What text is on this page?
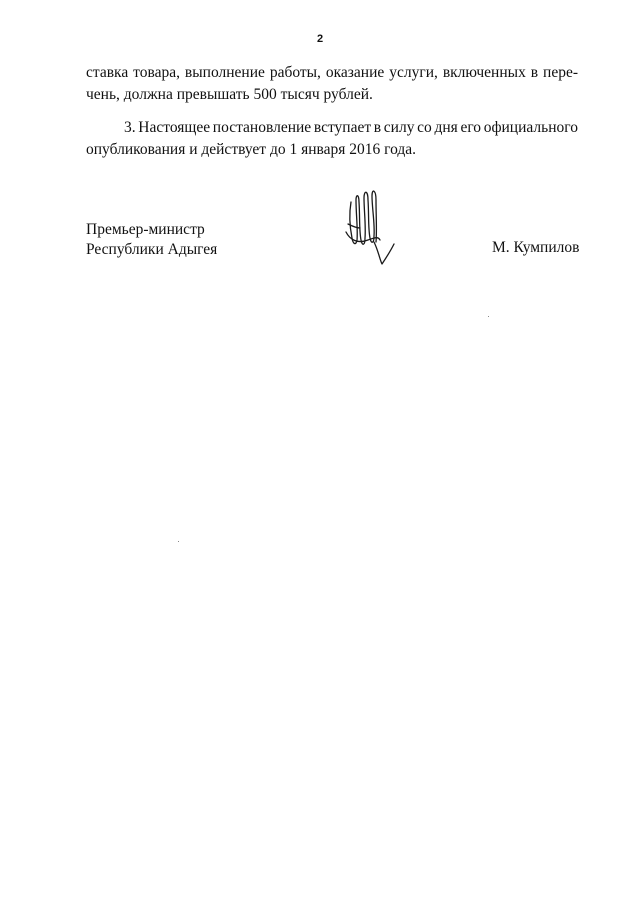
2
ставка товара, выполнение работы, оказание услуги, включенных в пере-
чень, должна превышать 500 тысяч рублей.
3. Настоящее постановление вступает в силу со дня его официального
опубликования и действует до 1 января 2016 года.
Премьер-министр
Республики Адыгея	М. Кумпилов
